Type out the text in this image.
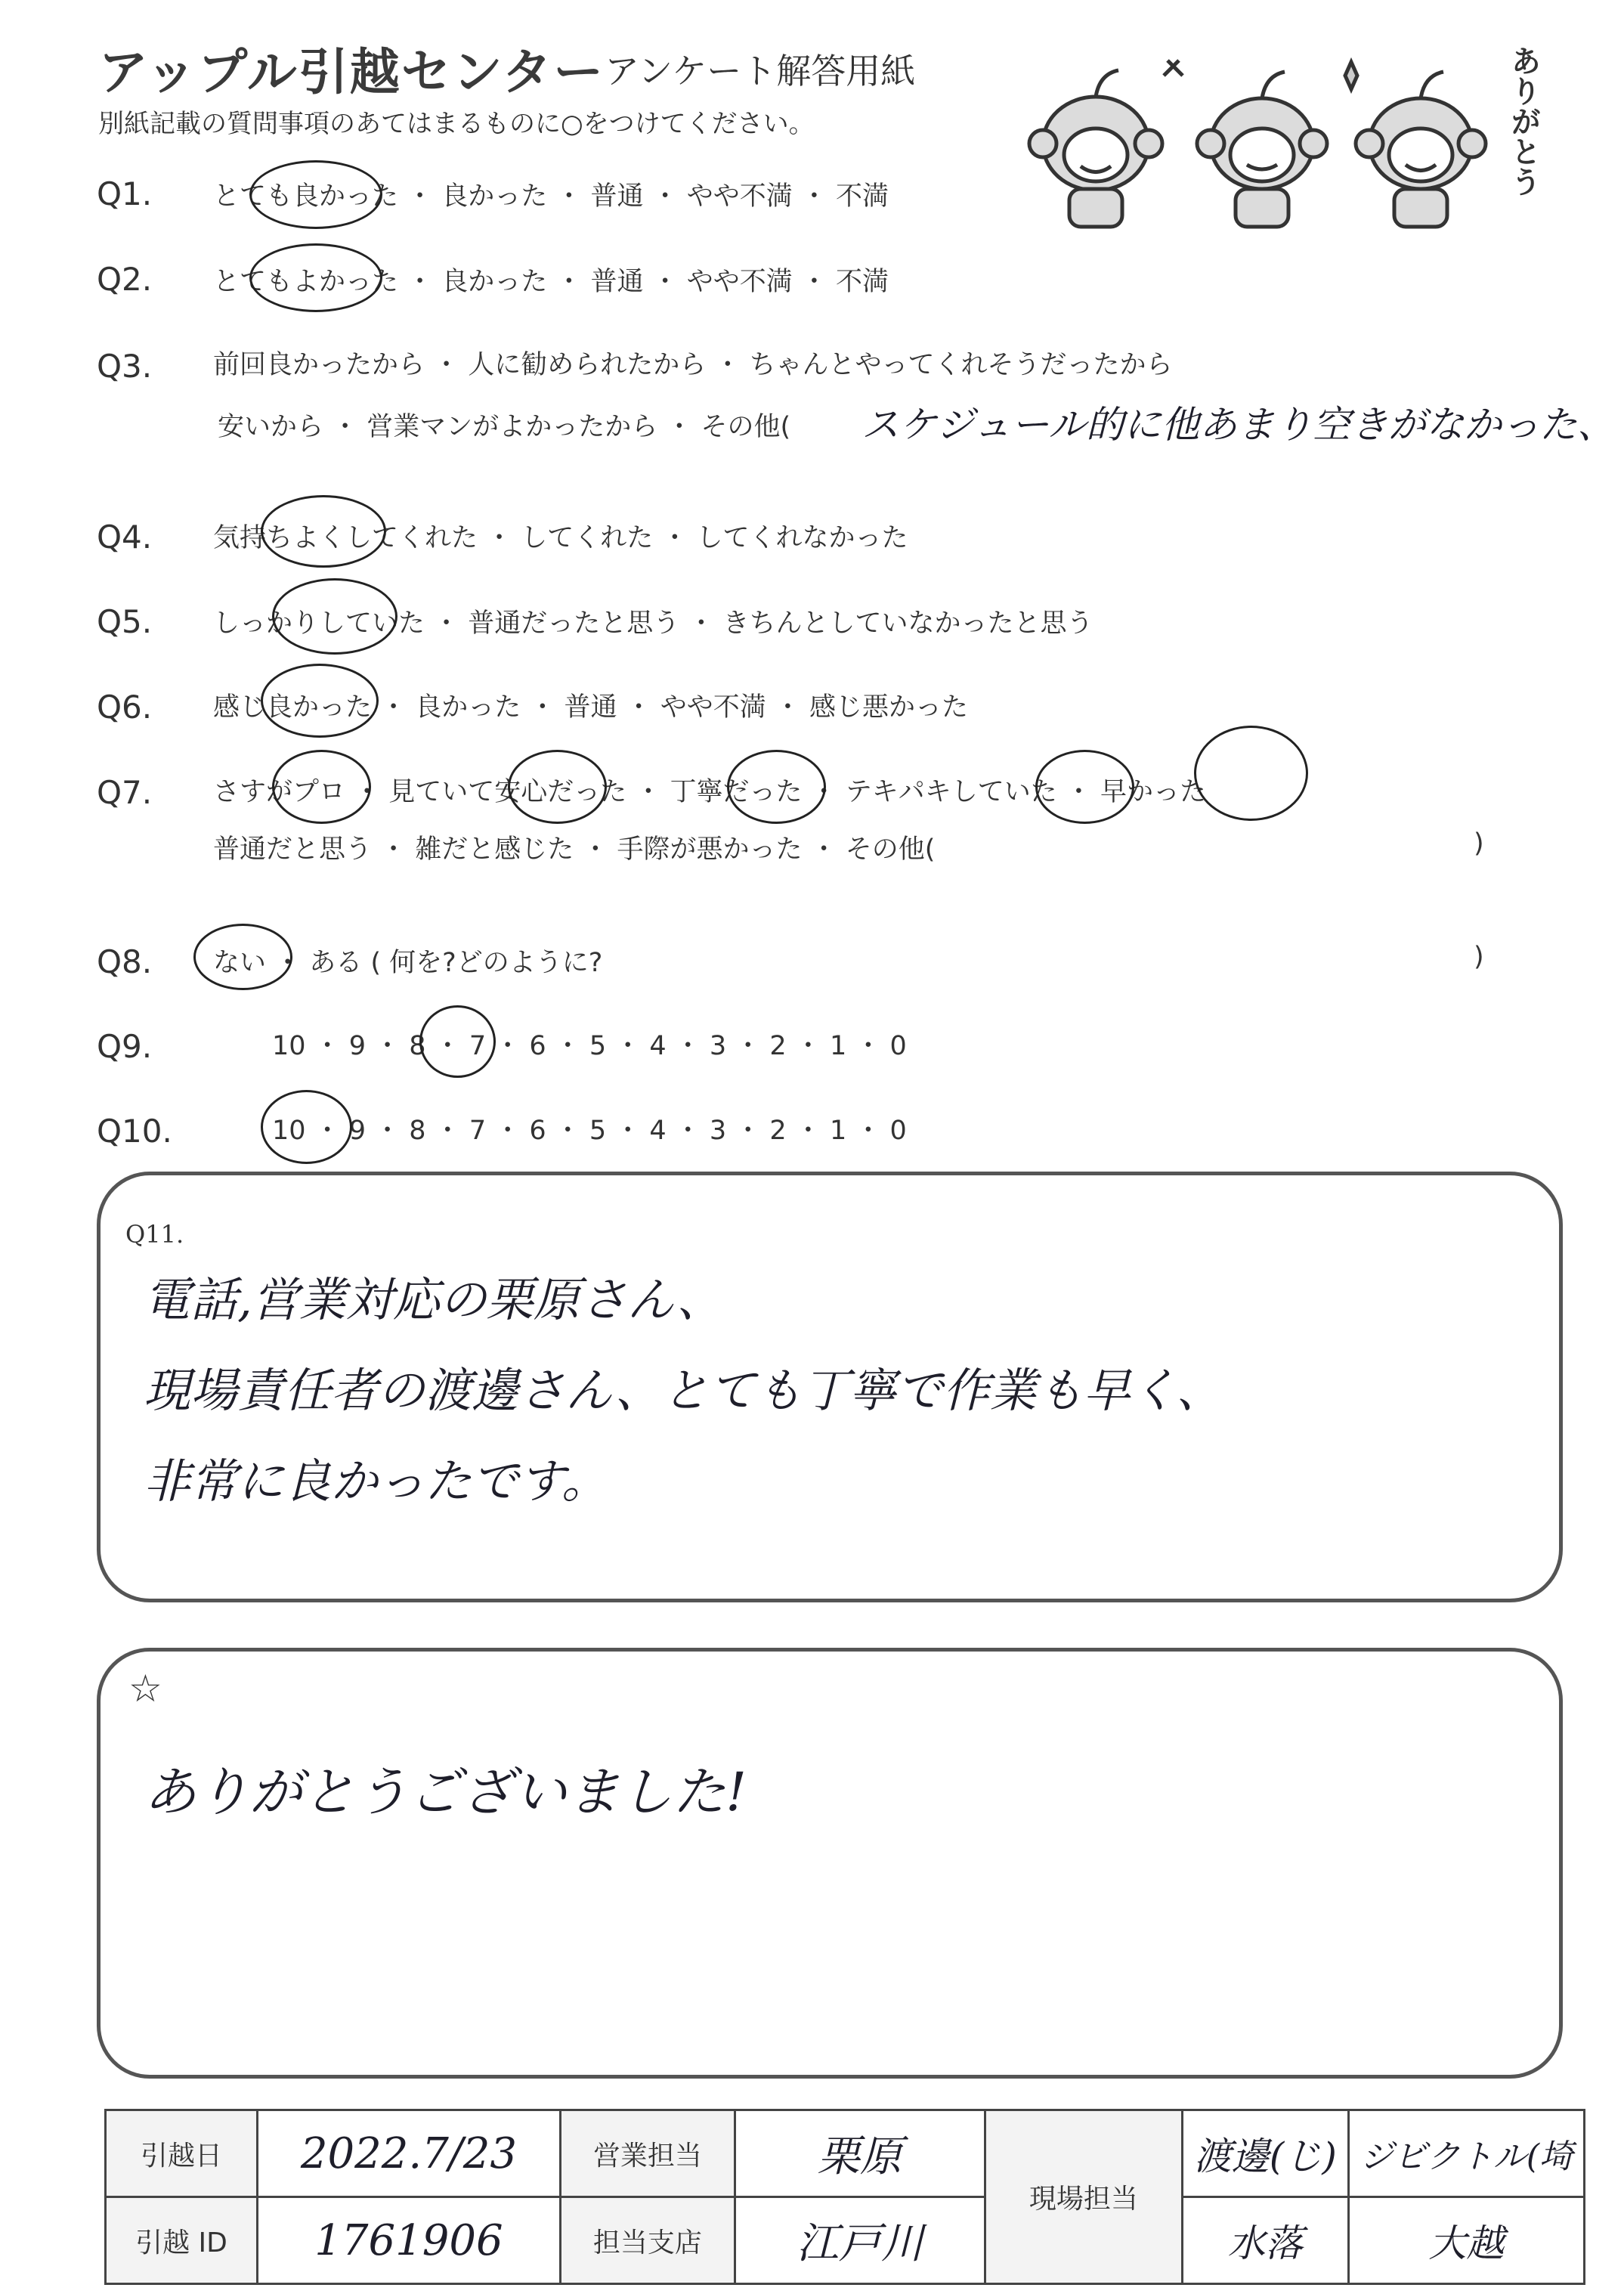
アップル引越センター アンケート解答用紙
別紙記載の質問事項のあてはまるものに○をつけてください。	ありがとう
Q1. とても良かった ・ 良かった ・ 普通 ・ やや不満 ・ 不満
Q2. とてもよかった ・ 良かった ・ 普通 ・ やや不満 ・ 不満
Q3. 前回良かったから ・ 人に勧められたから ・ ちゃんとやってくれそうだったから
安いから ・ 営業マンがよかったから ・ その他( スケジュール的に他あまり空きがなかった、
Q4. 気持ちよくしてくれた ・ してくれた ・ してくれなかった
Q5. しっかりしていた ・ 普通だったと思う ・ きちんとしていなかったと思う
Q6. 感じ良かった ・ 良かった ・ 普通 ・ やや不満 ・ 感じ悪かった
Q7. さすがプロ ・ 見ていて安心だった ・ 丁寧だった ・ テキパキしていた ・ 早かった
普通だと思う ・ 雑だと感じた ・ 手際が悪かった ・ その他(	)
Q8. ない ・ ある ( 何を?どのように?	)
Q9.	10 ・ 9 ・ 8 ・ 7 ・ 6 ・ 5 ・ 4 ・ 3 ・ 2 ・ 1 ・ 0
Q10.	10 ・ 9 ・ 8 ・ 7 ・ 6 ・ 5 ・ 4 ・ 3 ・ 2 ・ 1 ・ 0
Q11.
電話,営業対応の栗原さん、
現場責任者の渡邊さん、とても丁寧で作業も早く、
非常に良かったです。
☆
ありがとうございました!
引越日	2022.7/23	営業担当	栗原	現場担当	渡邊(じ)	ジビクトル(埼
引越 ID	1761906	担当支店	江戸川		水落	大越
